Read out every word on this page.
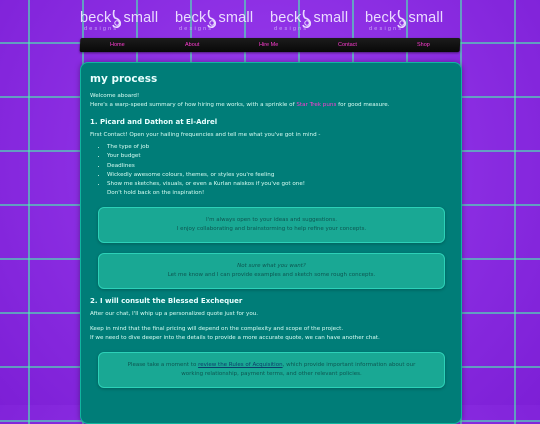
beck small
designs
beck small
designs
beck small
designs
beck small
designs
Home	About	Hire Me	Contact	Shop
my process

Welcome aboard!

Here's a warp-speed summary of how hiring me works, with a sprinkle of Star Trek puns for good measure.

1. Picard and Dathon at El-Adrel

First Contact! Open your hailing frequencies and tell me what you've got in mind -

• The type of job
• Your budget
• Deadlines
• Wickedly awesome colours, themes, or styles you're feeling
• Show me sketches, visuals, or even a Kurlan naiskos if you've got one!

Don't hold back on the inspiration!

I'm always open to your ideas and suggestions.
I enjoy collaborating and brainstorming to help refine your concepts.
Not sure what you want?
Let me know and I can provide examples and sketch some rough concepts.
2. I will consult the Blessed Exchequer

After our chat, I'll whip up a personalized quote just for you.

Keep in mind that the final pricing will depend on the complexity and scope of the project.

If we need to dive deeper into the details to provide a more accurate quote, we can have another chat.

Please take a moment to review the Rules of Acquisition, which provide important information about our
working relationship, payment terms, and other relevant policies.
